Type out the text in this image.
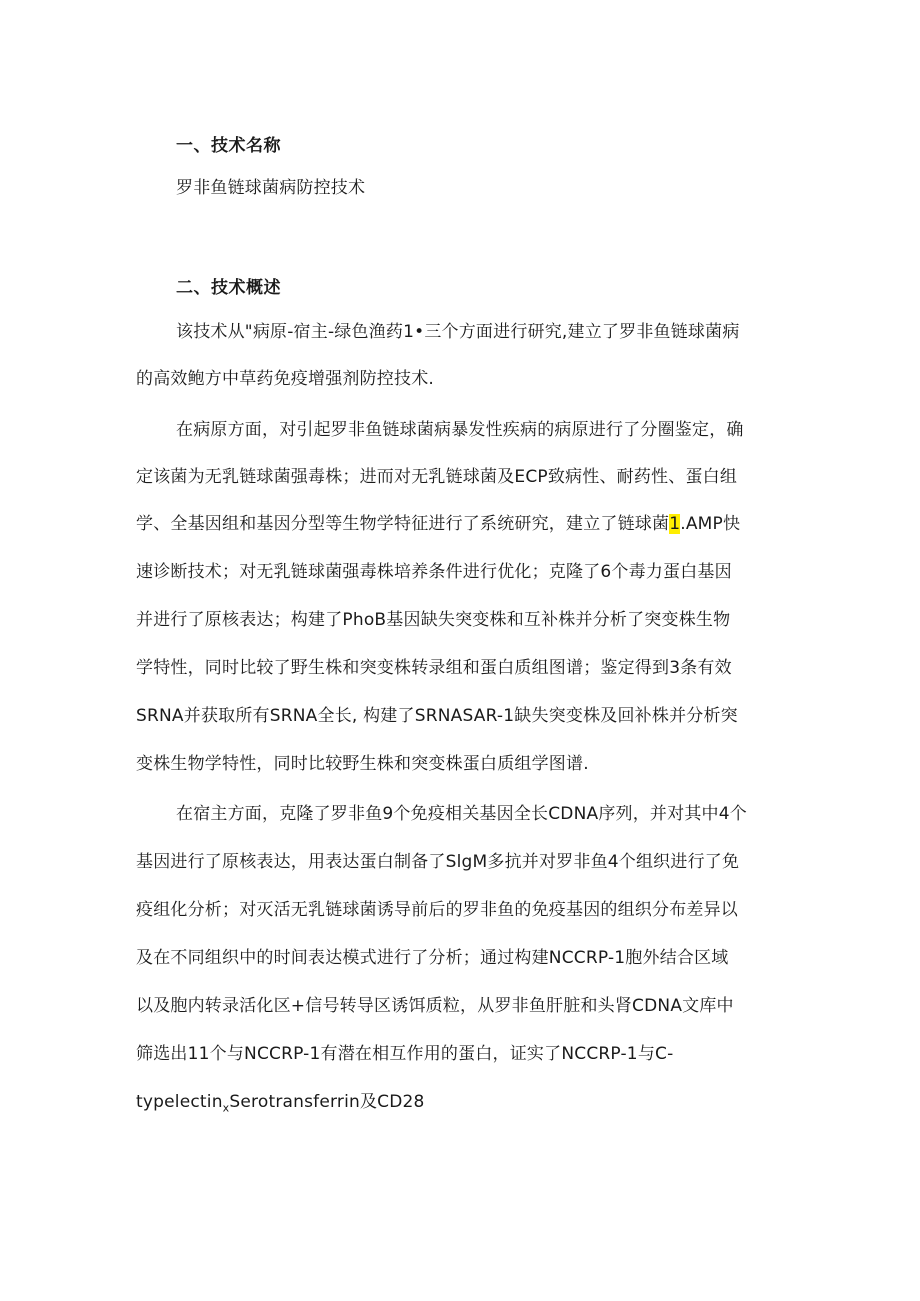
一、技术名称
罗非鱼链球菌病防控技术
二、技术概述
该技术从"病原-宿主-绿色渔药1•三个方面进行研究,建立了罗非鱼链球菌病
的高效鲍方中草药免疫增强剂防控技术.
在病原方面，对引起罗非鱼链球菌病暴发性疾病的病原进行了分圈鉴定，确
定该菌为无乳链球菌强毒株；进而对无乳链球菌及ECP致病性、耐药性、蛋白组
学、全基因组和基因分型等生物学特征进行了系统研究，建立了链球菌1.AMP快
速诊断技术；对无乳链球菌强毒株培养条件进行优化；克隆了6个毒力蛋白基因
并进行了原核表达；构建了PhoB基因缺失突变株和互补株并分析了突变株生物
学特性，同时比较了野生株和突变株转录组和蛋白质组图谱；鉴定得到3条有效
SRNA并获取所有SRNA全长, 构建了SRNASAR-1缺失突变株及回补株并分析突
变株生物学特性，同时比较野生株和突变株蛋白质组学图谱.
在宿主方面，克隆了罗非鱼9个免疫相关基因全长CDNA序列，并对其中4个
基因进行了原核表达，用表达蛋白制备了SlgM多抗并对罗非鱼4个组织进行了免
疫组化分析；对灭活无乳链球菌诱导前后的罗非鱼的免疫基因的组织分布差异以
及在不同组织中的时间表达模式进行了分析；通过构建NCCRP-1胞外结合区域
以及胞内转录活化区+信号转导区诱饵质粒，从罗非鱼肝脏和头肾CDNA文库中
筛选出11个与NCCRP-1有潜在相互作用的蛋白，证实了NCCRP-1与C-
typelectin$_x$Serotransferrin及CD28
